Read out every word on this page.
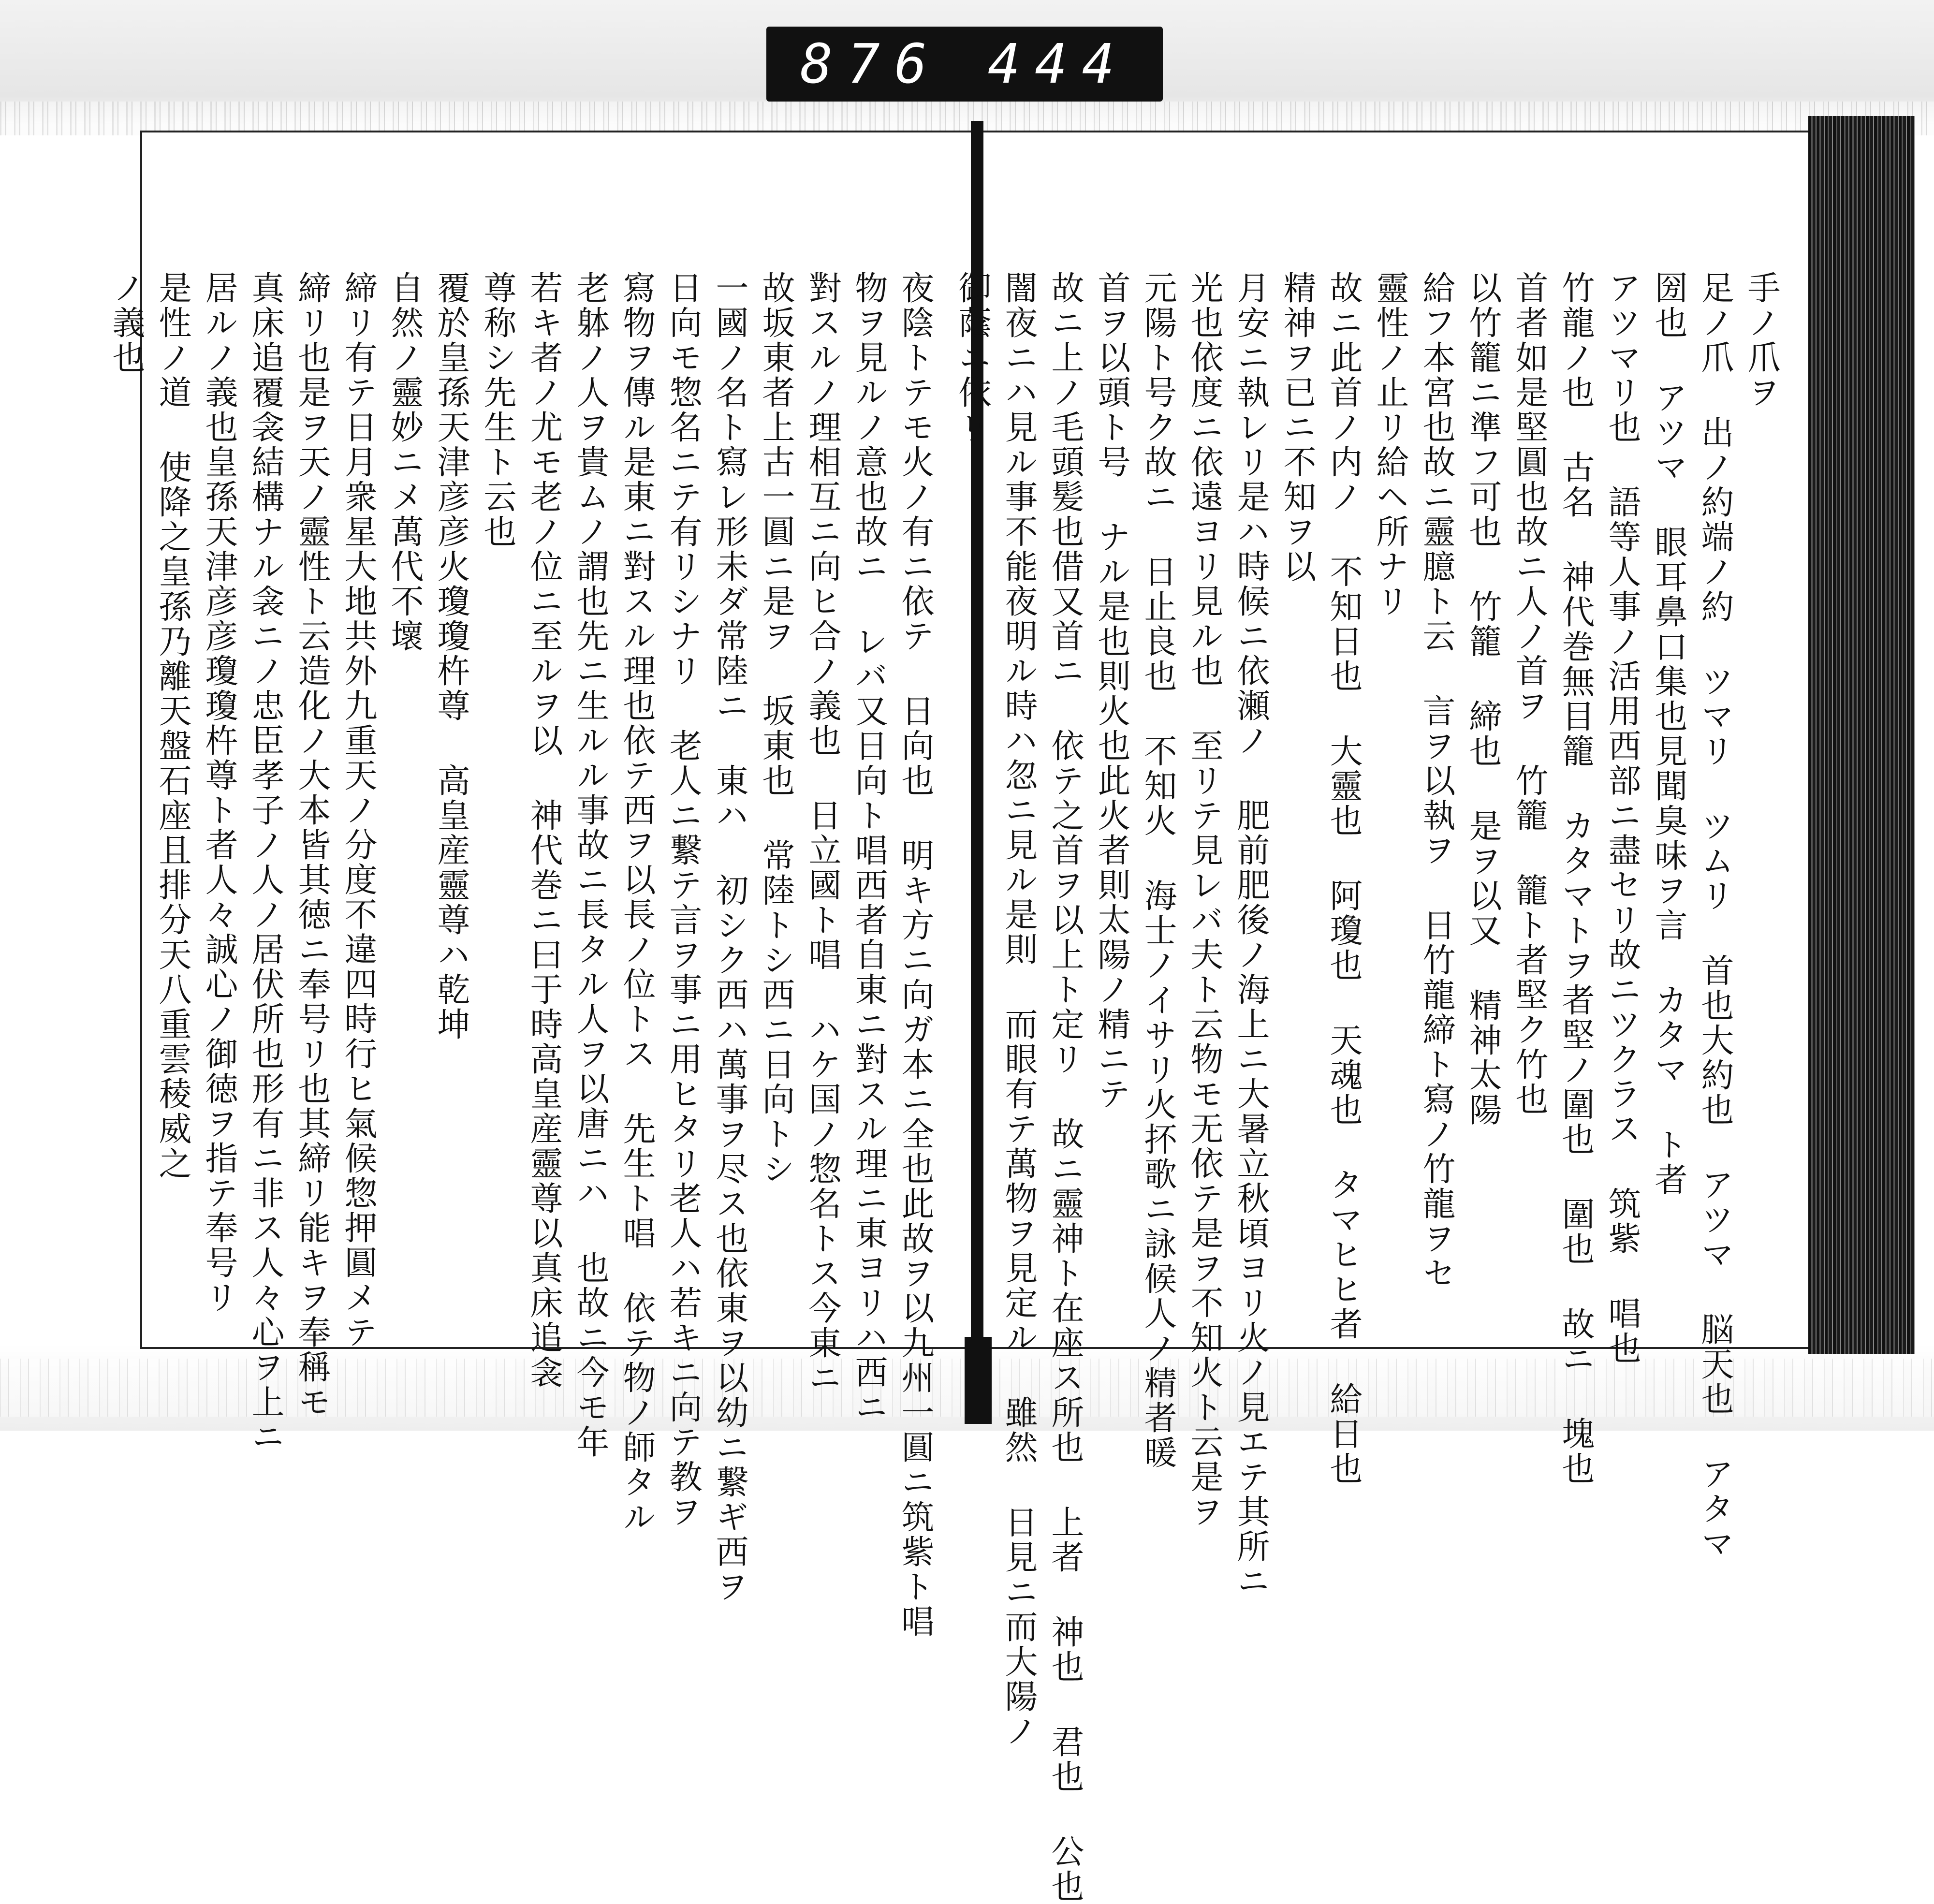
876 444
手ノ爪ヲ
足ノ爪 出ノ約端ノ約 ツマリ ツムリ 首也大約也 アツマ 脳天也 アタマ
圀也 アツマ 眼耳鼻口集也見聞臭味ヲ言 カタマ ト者
アツマリ也 語等人事ノ活用西部ニ盡セリ故ニツクラス 筑紫 唱也
竹龍ノ也 古名 神代巻無目籠 カタマトヲ者堅ノ圍也 圍也 故ニ 塊也
首者如是堅圓也故ニ人ノ首ヲ 竹籠 籠ト者堅ク竹也
以竹籠ニ準フ可也 竹籠 締也 是ヲ以又 精神太陽
給フ本宮也故ニ靈臆ト云 言ヲ以執ヲ 日竹龍締ト寫ノ竹龍ヲセ
靈性ノ止リ給ヘ所ナリ
故ニ此首ノ内ノ 不知日也 大靈也 阿瓊也 天魂也 タマヒヒ者 給日也
精神ヲ已ニ不知ヲ以
月安ニ執レリ是ハ時候ニ依瀬ノ 肥前肥後ノ海上ニ大暑立秋頃ヨリ火ノ見エテ其所ニ
光也依度ニ依遠ヨリ見ル也 至リテ見レバ夫ト云物モ无依テ是ヲ不知火ト云是ヲ
元陽ト号ク故ニ 日止良也 不知火 海士ノイサリ火抔歌ニ詠候人ノ精者暖
首ヲ以頭ト号 ナル是也則火也此火者則太陽ノ精ニテ
故ニ上ノ毛頭髪也借又首ニ 依テ之首ヲ以上ト定リ 故ニ靈神ト在座ス所也 上者 神也 君也 公也
闇夜ニハ見ル事不能夜明ル時ハ忽ニ見ル是則 而眼有テ萬物ヲ見定ル 雖然 日見ニ而大陽ノ
御蔭ニ依リ
夜陰トテモ火ノ有ニ依テ 日向也 明キ方ニ向ガ本ニ全也此故ヲ以九州一圓ニ筑紫ト唱
物ヲ見ルノ意也故ニ レバ又日向ト唱西者自東ニ對スル理ニ東ヨリハ西ニ
對スルノ理相互ニ向ヒ合ノ義也 日立國ト唱 ハケ国ノ惣名トス今東ニ
故坂東者上古一圓ニ是ヲ 坂東也 常陸トシ西ニ日向トシ
一國ノ名ト寫レ形未ダ常陸ニ 東ハ 初シク西ハ萬事ヲ尽ス也依東ヲ以幼ニ繋ギ西ヲ
日向モ惣名ニテ有リシナリ 老人ニ繋テ言ヲ事ニ用ヒタリ老人ハ若キニ向テ教ヲ
寫物ヲ傳ル是東ニ對スル理也依テ西ヲ以長ノ位トス 先生ト唱 依テ物ノ師タル
老躰ノ人ヲ貴ムノ謂也先ニ生ルル事故ニ長タル人ヲ以唐ニハ 也故ニ今モ年
若キ者ノ尤モ老ノ位ニ至ルヲ以 神代巻ニ曰于時高皇産靈尊以真床追衾
尊称シ先生ト云也
覆於皇孫天津彦彦火瓊瓊杵尊 高皇産靈尊ハ乾坤
自然ノ靈妙ニメ萬代不壞
締リ有テ日月衆星大地共外九重天ノ分度不違四時行ヒ氣候惣押圓メテ
締リ也是ヲ天ノ靈性ト云造化ノ大本皆其徳ニ奉号リ也其締リ能キヲ奉稱モ
真床追覆衾結構ナル衾ニノ忠臣孝子ノ人ノ居伏所也形有ニ非ス人々心ヲ上ニ
居ルノ義也皇孫天津彦彦瓊瓊杵尊ト者人々誠心ノ御徳ヲ指テ奉号リ
是性ノ道 使降之皇孫乃離天盤石座且排分天八重雲稜威之
ノ義也
